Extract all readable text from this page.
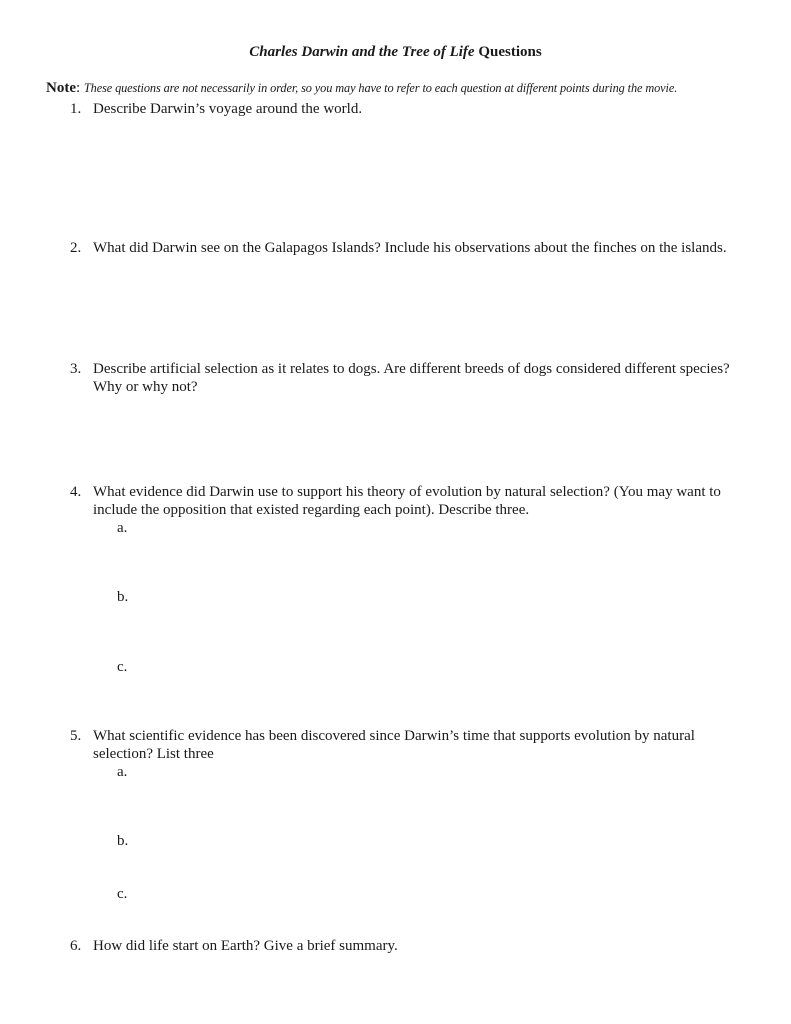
Charles Darwin and the Tree of Life Questions
Note: These questions are not necessarily in order, so you may have to refer to each question at different points during the movie.
1. Describe Darwin’s voyage around the world.
2. What did Darwin see on the Galapagos Islands? Include his observations about the finches on the islands.
3. Describe artificial selection as it relates to dogs. Are different breeds of dogs considered different species? Why or why not?
4. What evidence did Darwin use to support his theory of evolution by natural selection? (You may want to include the opposition that existed regarding each point). Describe three.
a.
b.
c.
5. What scientific evidence has been discovered since Darwin’s time that supports evolution by natural selection? List three
a.
b.
c.
6. How did life start on Earth? Give a brief summary.
